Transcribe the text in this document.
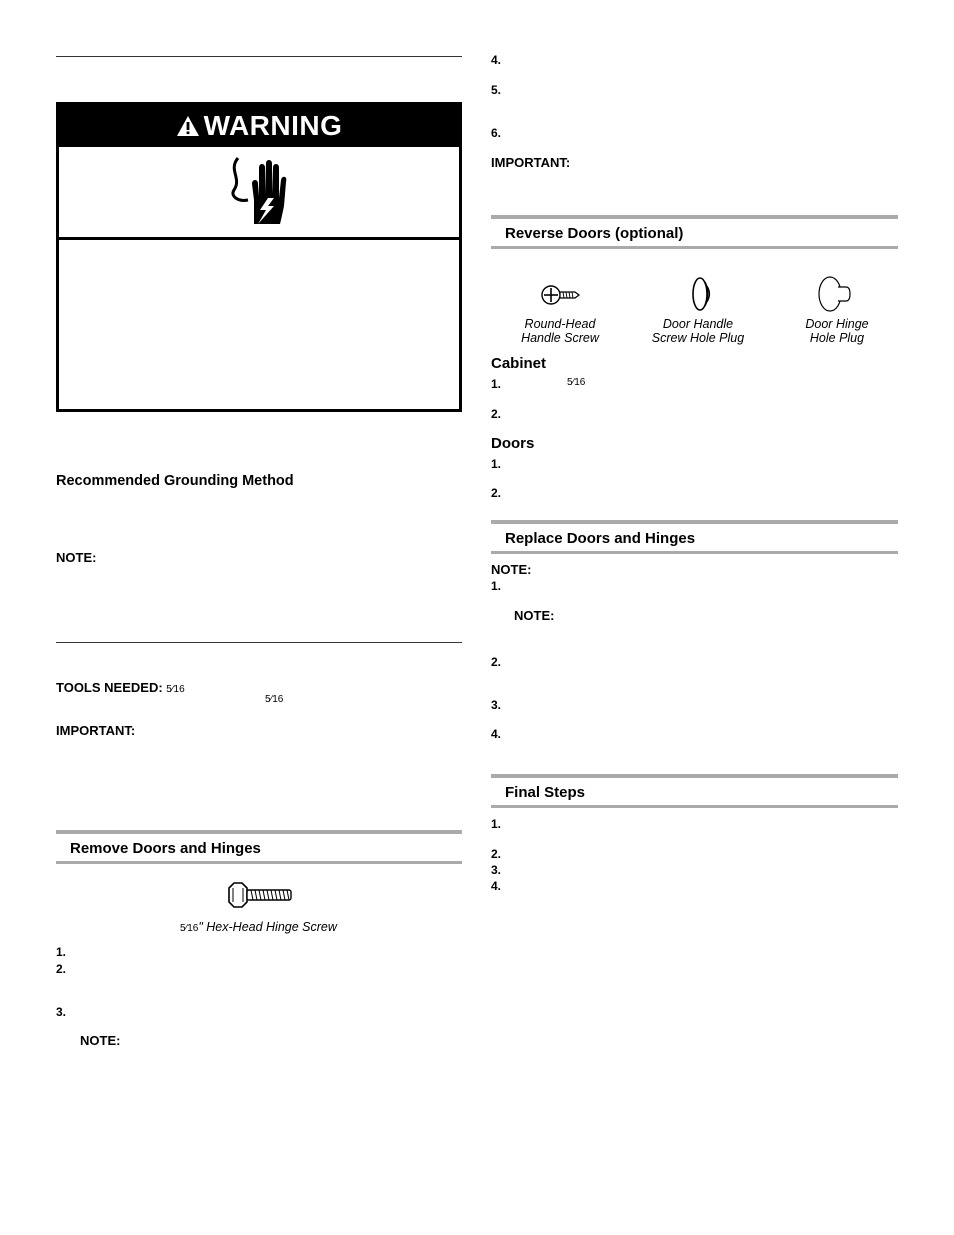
WARNING
Recommended Grounding Method
NOTE:
TOOLS NEEDED: 5⁄16
5⁄16
IMPORTANT:
Remove Doors and Hinges
5⁄16" Hex-Head Hinge Screw
1.
2.
3.
NOTE:
4.
5.
6.
IMPORTANT:
Reverse Doors (optional)
Round-Head
Handle Screw
Door Handle
Screw Hole Plug
Door Hinge
Hole Plug
Cabinet
1.	5⁄16
2.
Doors
1.
2.
Replace Doors and Hinges
NOTE:
1.
NOTE:
2.
3.
4.
Final Steps
1.
2.
3.
4.
